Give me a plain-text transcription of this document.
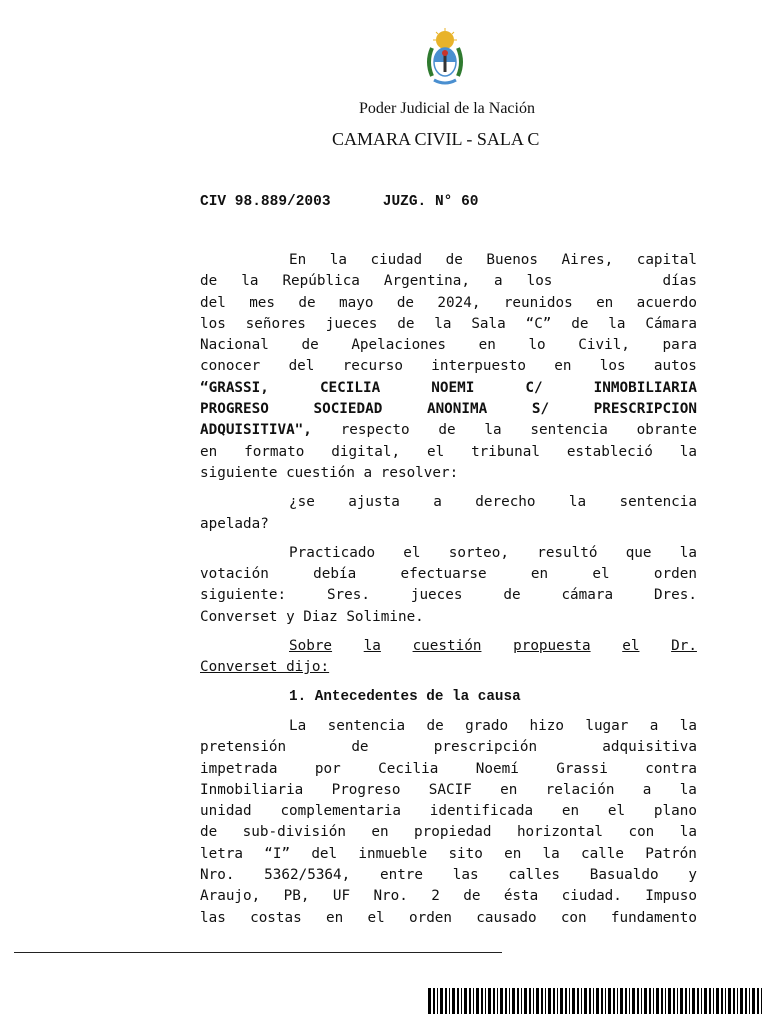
Poder Judicial de la Nación
CAMARA CIVIL - SALA C
CIV 98.889/2003	JUZG. N° 60
En la ciudad de Buenos Aires, capital
de la República Argentina, a los días
del mes de mayo de 2024, reunidos en acuerdo
los señores jueces de la Sala “C” de la Cámara
Nacional de Apelaciones en lo Civil, para
conocer del recurso interpuesto en los autos
“GRASSI,	CECILIA	NOEMI	C/	INMOBILIARIA
PROGRESO	SOCIEDAD	ANONIMA	S/	PRESCRIPCION
ADQUISITIVA", respecto de la sentencia obrante
en formato digital, el tribunal estableció la
siguiente cuestión a resolver:
¿se ajusta a derecho la sentencia
apelada?
Practicado el sorteo, resultó que la
votación	debía	efectuarse	en	el	orden
siguiente:	Sres.	jueces	de	cámara	Dres.
Converset y Diaz Solimine.
Sobre la cuestión propuesta el Dr.
Converset dijo:
1. Antecedentes de la causa
La sentencia de grado hizo lugar a la
pretensión	de	prescripción	adquisitiva
impetrada	por	Cecilia	Noemí	Grassi	contra
Inmobiliaria Progreso SACIF en relación a la
unidad complementaria identificada en el plano
de sub-división en propiedad horizontal con la
letra “I” del inmueble sito en la calle Patrón
Nro. 5362/5364, entre las calles Basualdo y
Araujo, PB, UF Nro. 2 de ésta ciudad. Impuso
las costas en el orden causado con fundamento
